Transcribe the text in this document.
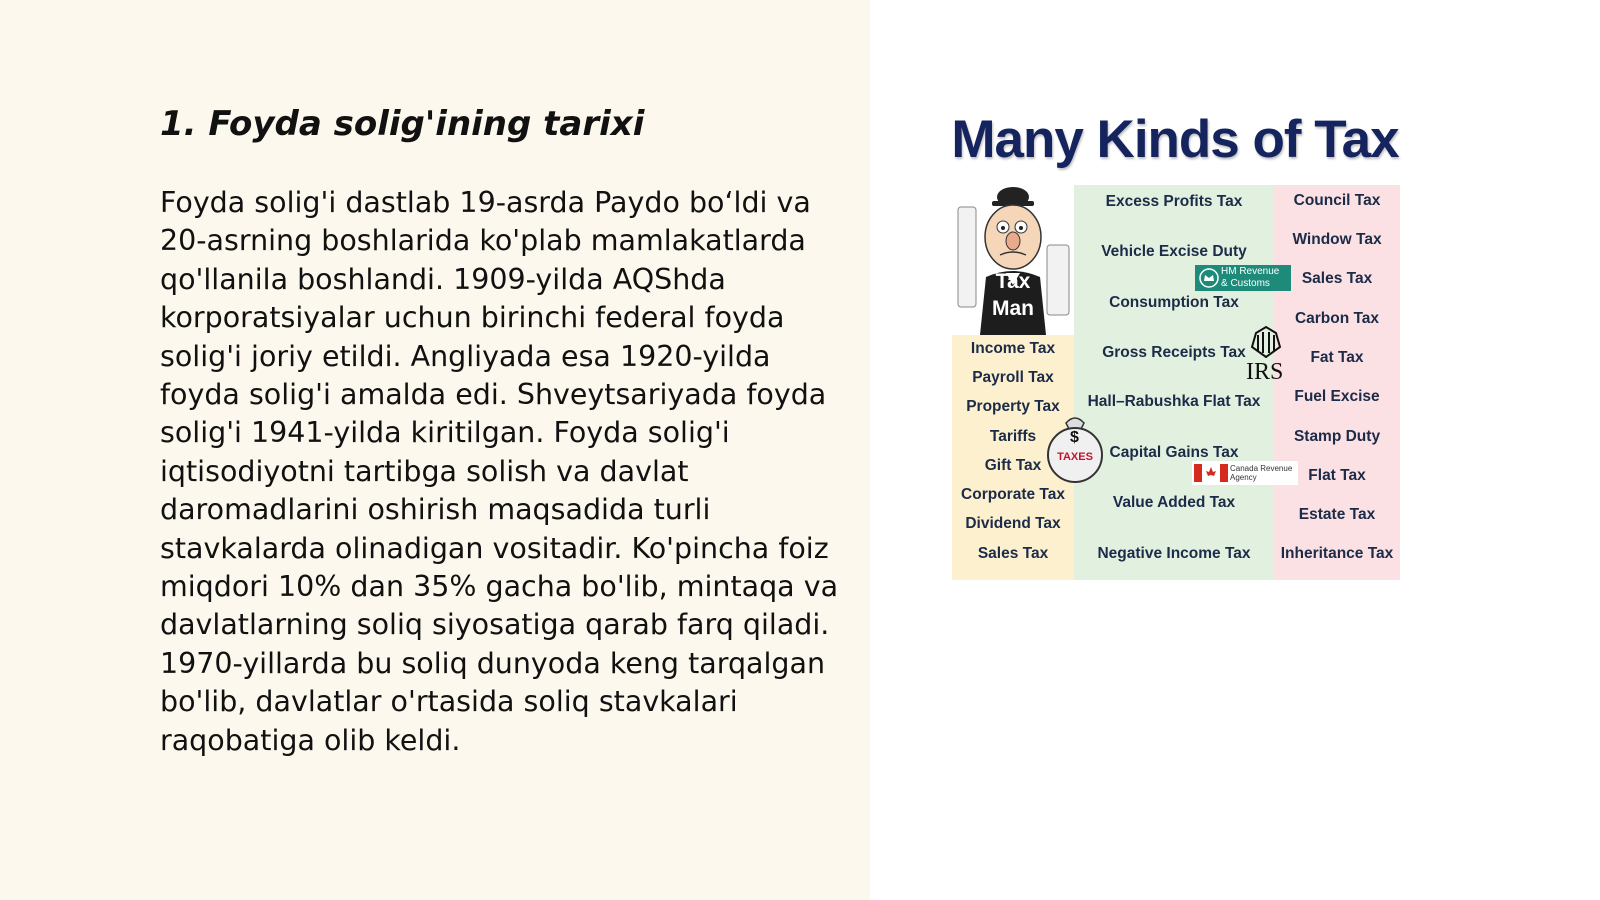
1. Foyda solig'ining tarixi

Foyda solig'i dastlab 19-asrda Paydo bo‘ldi va 20-asrning boshlarida ko'plab mamlakatlarda qo'llanila boshlandi. 1909-yilda AQShda korporatsiyalar uchun birinchi federal foyda solig'i joriy etildi. Angliyada esa 1920-yilda foyda solig'i amalda edi. Shveytsariyada foyda solig'i 1941-yilda kiritilgan. Foyda solig'i iqtisodiyotni tartibga solish va davlat daromadlarini oshirish maqsadida turli stavkalarda olinadigan vositadir. Ko'pincha foiz miqdori 10% dan 35% gacha bo'lib, mintaqa va davlatlarning soliq siyosatiga qarab farq qiladi. 1970-yillarda bu soliq dunyoda keng tarqalgan bo'lib, davlatlar o'rtasida soliq stavkalari raqobatiga olib keldi.

Many Kinds of Tax
Tax
Man
Income Tax
Payroll Tax
Property Tax
Tariffs
Gift Tax
Corporate Tax
Dividend Tax
Sales Tax
Excess Profits Tax
Vehicle Excise Duty
Consumption Tax
Gross Receipts Tax
Hall–Rabushka Flat Tax
Capital Gains Tax
Value Added Tax
Negative Income Tax
Council Tax
Window Tax
Sales Tax
Carbon Tax
Fat Tax
Fuel Excise
Stamp Duty
Flat Tax
Estate Tax
Inheritance Tax
HM Revenue
& Customs
IRS
$
TAXES
Canada Revenue
Agency
